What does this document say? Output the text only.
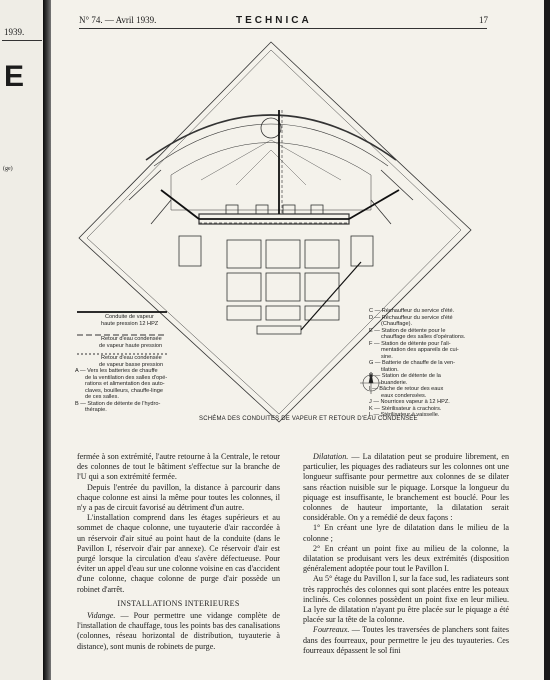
1939.
E
(ge)
N° 74. — Avril 1939.	TECHNICA	17
Conduite de vapeur
haute pression 12 HPZ
Retour d'eau condensée
de vapeur haute pression
Retour d'eau condensée
de vapeur basse pression
A — Vers les batteries de chauffe
de la ventilation des salles d'opé-
rations et alimentation des auto-
claves, bouilleurs, chauffe-linge
de ces salles.
B — Station de détente de l'hydro-
thérapie.
C — Réchauffeur du service d'été.
D — Réchauffeur du service d'été
(Chauffage).
E — Station de détente pour le
chauffage des salles d'opérations.
F — Station de détente pour l'ali-
mentation des appareils de cui-
sine.
G — Batterie de chauffe de la ven-
tilation.
H — Station de détente de la
buanderie.
I — Bâche de retour des eaux
eaux condensées.
J — Nourrices vapeur à 12 HPZ.
K — Stérilisateur à crachoirs.
L — Stérilisateur à vaisselle.
SCHÉMA DES CONDUITES DE VAPEUR ET RETOUR D'EAU CONDENSÉE

fermée à son extrémité, l'autre retourne à la Centrale, le retour des colonnes de tout le bâtiment s'effectue sur la branche de l'U qui a son extrémité fermée.

Depuis l'entrée du pavillon, la distance à parcourir dans chaque colonne est ainsi la même pour toutes les colonnes, il n'y a pas de circuit favorisé au détriment d'un autre.

L'installation comprend dans les étages supérieurs et au sommet de chaque colonne, une tuyauterie d'air raccordée à un réservoir d'air situé au point haut de la conduite (dans le Pavillon I, réservoir d'air par annexe). Ce réservoir d'air est purgé lorsque la circulation d'eau s'avère défectueuse. Pour éviter un appel d'eau sur une colonne voisine en cas d'accident d'une colonne, chaque colonne de purge d'air possède un robinet d'arrêt.

INSTALLATIONS INTERIEURES

Vidange. — Pour permettre une vidange complète de l'installation de chauffage, tous les points bas des canalisations (colonnes, réseau horizontal de distribution, tuyauterie à distance), sont munis de robinets de purge.

Dilatation. — La dilatation peut se produire librement, en particulier, les piquages des radiateurs sur les colonnes ont une longueur suffisante pour permettre aux colonnes de se dilater sans réaction nuisible sur le piquage. Lorsque la longueur du piquage est insuffisante, le branchement est bouclé. Pour les colonnes de hauteur importante, la dilatation serait considérable. On y a remédié de deux façons :

1° En créant une lyre de dilatation dans le milieu de la colonne ;

2° En créant un point fixe au milieu de la colonne, la dilatation se produisant vers les deux extrémités (disposition généralement adoptée pour tout le Pavillon I.

Au 5° étage du Pavillon I, sur la face sud, les radiateurs sont très rapprochés des colonnes qui sont placées entre les poteaux inclinés. Ces colonnes possèdent un point fixe en leur milieu. La lyre de dilatation n'ayant pu être placée sur le piquage a été placée sur la tête de la colonne.

Fourreaux. — Toutes les traversées de planchers sont faites dans des fourreaux, pour permettre le jeu des tuyauteries. Ces fourreaux dépassent le sol fini
